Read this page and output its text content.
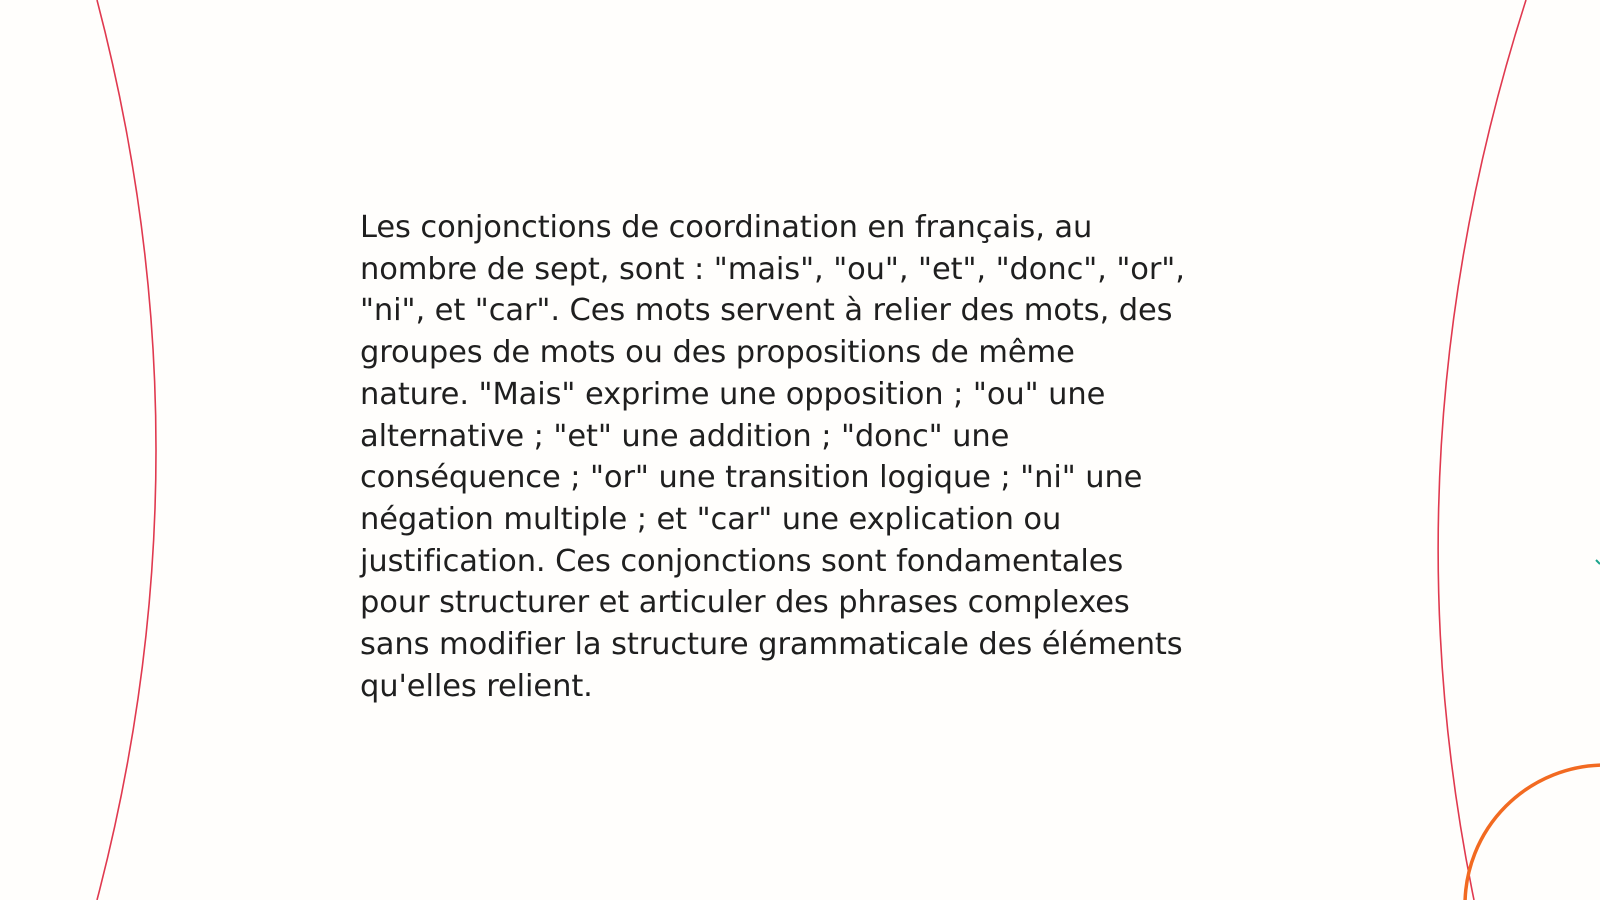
Les conjonctions de coordination en français, au
nombre de sept, sont : "mais", "ou", "et", "donc", "or",
"ni", et "car". Ces mots servent à relier des mots, des
groupes de mots ou des propositions de même
nature. "Mais" exprime une opposition ; "ou" une
alternative ; "et" une addition ; "donc" une
conséquence ; "or" une transition logique ; "ni" une
négation multiple ; et "car" une explication ou
justification. Ces conjonctions sont fondamentales
pour structurer et articuler des phrases complexes
sans modifier la structure grammaticale des éléments
qu'elles relient.
